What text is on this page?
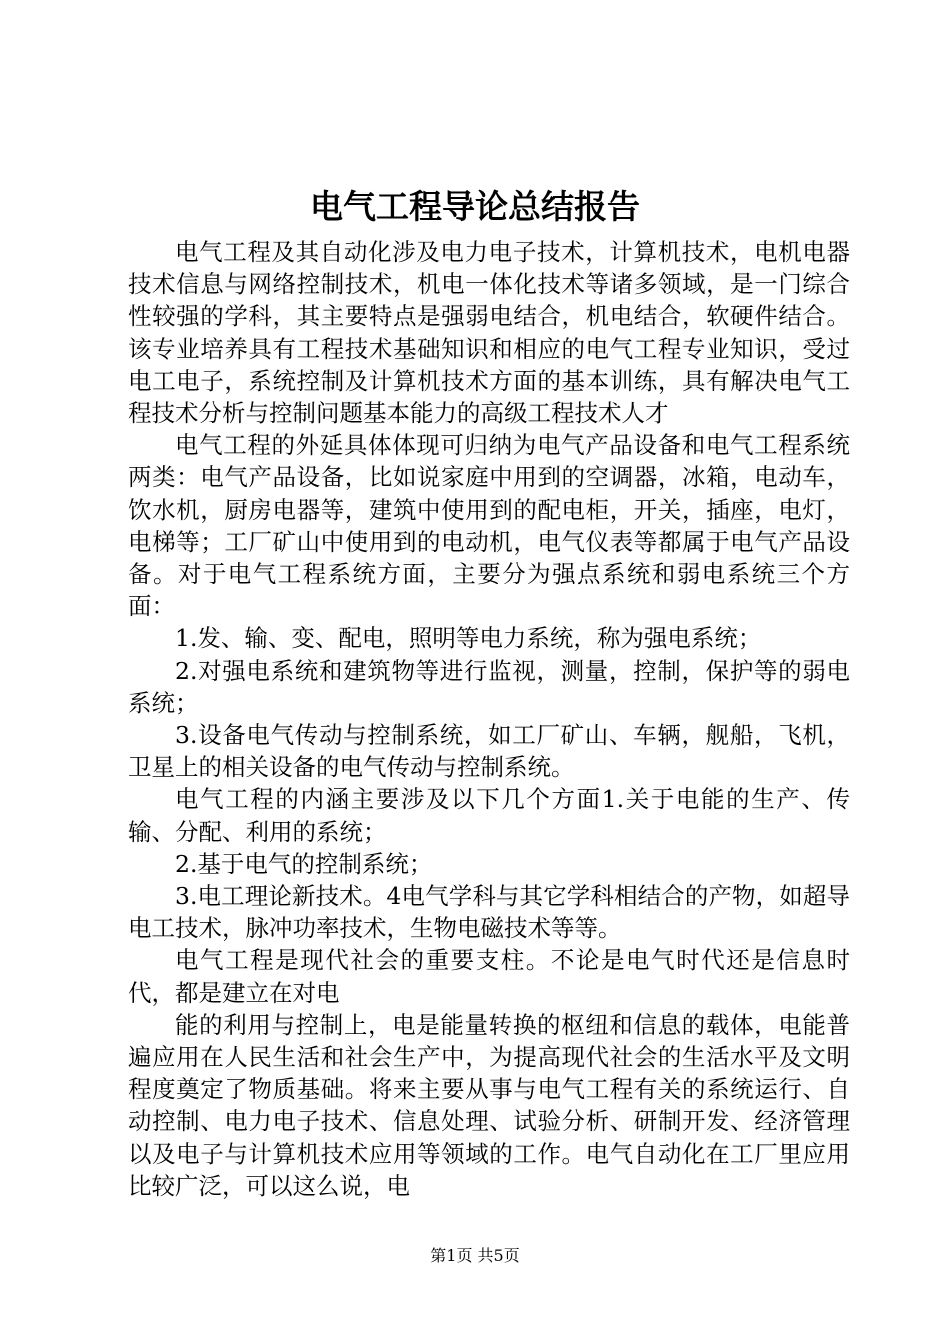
电气工程导论总结报告

电气工程及其自动化涉及电力电子技术，计算机技术，电机电器技术信息与网络控制技术，机电一体化技术等诸多领域，是一门综合性较强的学科，其主要特点是强弱电结合，机电结合，软硬件结合。该专业培养具有工程技术基础知识和相应的电气工程专业知识，受过电工电子，系统控制及计算机技术方面的基本训练，具有解决电气工程技术分析与控制问题基本能力的高级工程技术人才

电气工程的外延具体体现可归纳为电气产品设备和电气工程系统两类：电气产品设备，比如说家庭中用到的空调器，冰箱，电动车，饮水机，厨房电器等，建筑中使用到的配电柜，开关，插座，电灯，电梯等；工厂矿山中使用到的电动机，电气仪表等都属于电气产品设备。对于电气工程系统方面，主要分为强点系统和弱电系统三个方面：

1.发、输、变、配电，照明等电力系统，称为强电系统；

2.对强电系统和建筑物等进行监视，测量，控制，保护等的弱电系统；

3.设备电气传动与控制系统，如工厂矿山、车辆，舰船，飞机，卫星上的相关设备的电气传动与控制系统。

电气工程的内涵主要涉及以下几个方面1.关于电能的生产、传输、分配、利用的系统；

2.基于电气的控制系统；

3.电工理论新技术。4电气学科与其它学科相结合的产物，如超导电工技术，脉冲功率技术，生物电磁技术等等。

电气工程是现代社会的重要支柱。不论是电气时代还是信息时代，都是建立在对电

能的利用与控制上，电是能量转换的枢纽和信息的载体，电能普遍应用在人民生活和社会生产中，为提高现代社会的生活水平及文明程度奠定了物质基础。将来主要从事与电气工程有关的系统运行、自动控制、电力电子技术、信息处理、试验分析、研制开发、经济管理以及电子与计算机技术应用等领域的工作。电气自动化在工厂里应用比较广泛，可以这么说，电

第1页 共5页
